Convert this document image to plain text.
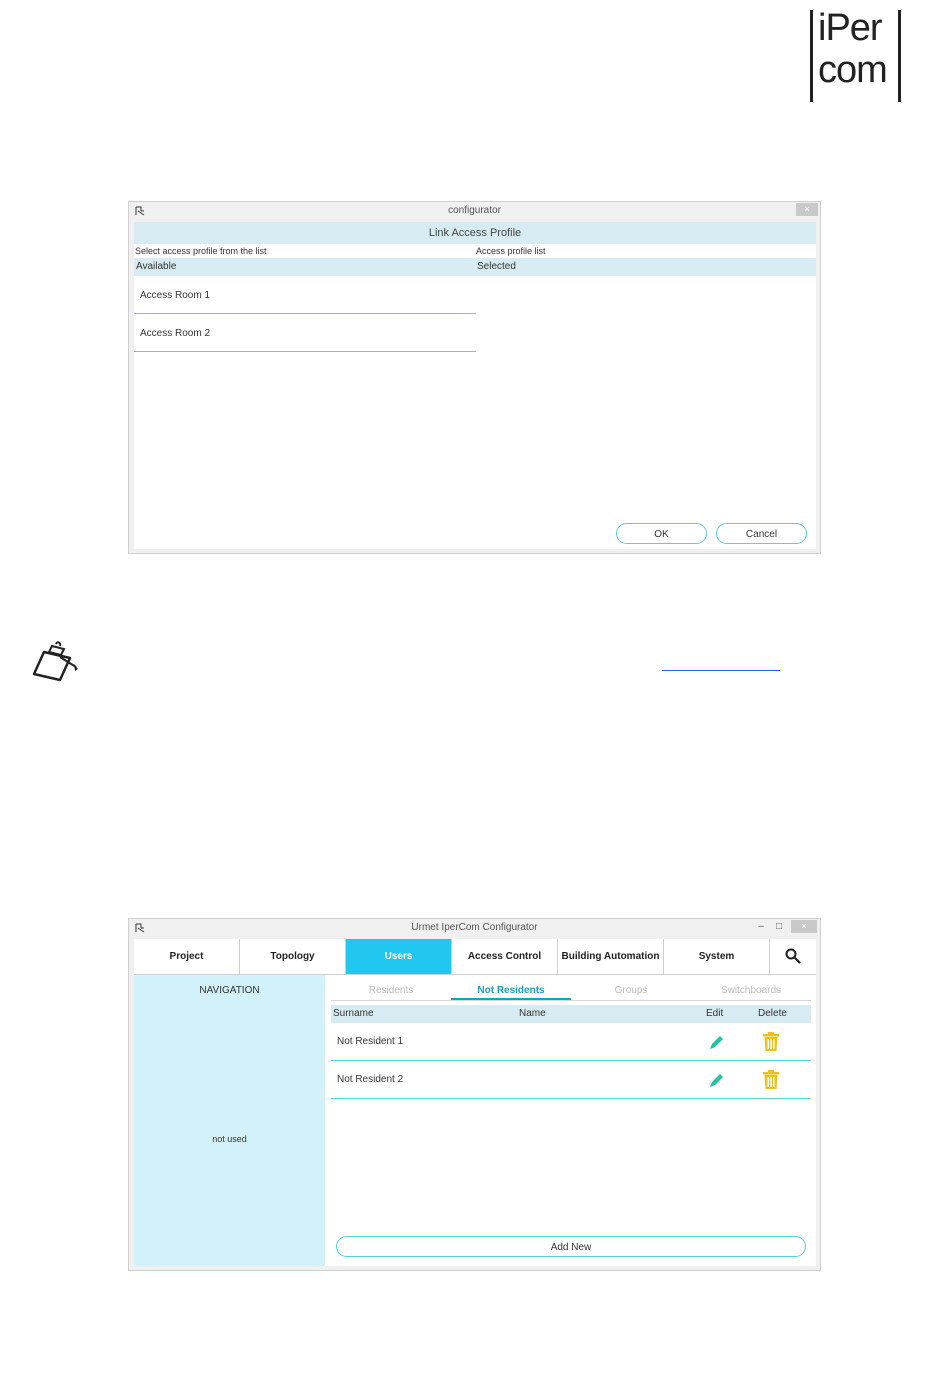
iPer
com
configurator	×
Link Access Profile
Select access profile from the list	Access profile list
Available	Selected
Access Room 1
Access Room 2
OK	Cancel
Urmet IperCom Configurator	–	□	×
Project	Topology	Users	Access Control	Building Automation	System
NAVIGATION
not used
Residents	Not Residents	Groups	Switchboards
Surname	Name	Edit	Delete
Not Resident 1
Not Resident 2
Add New
